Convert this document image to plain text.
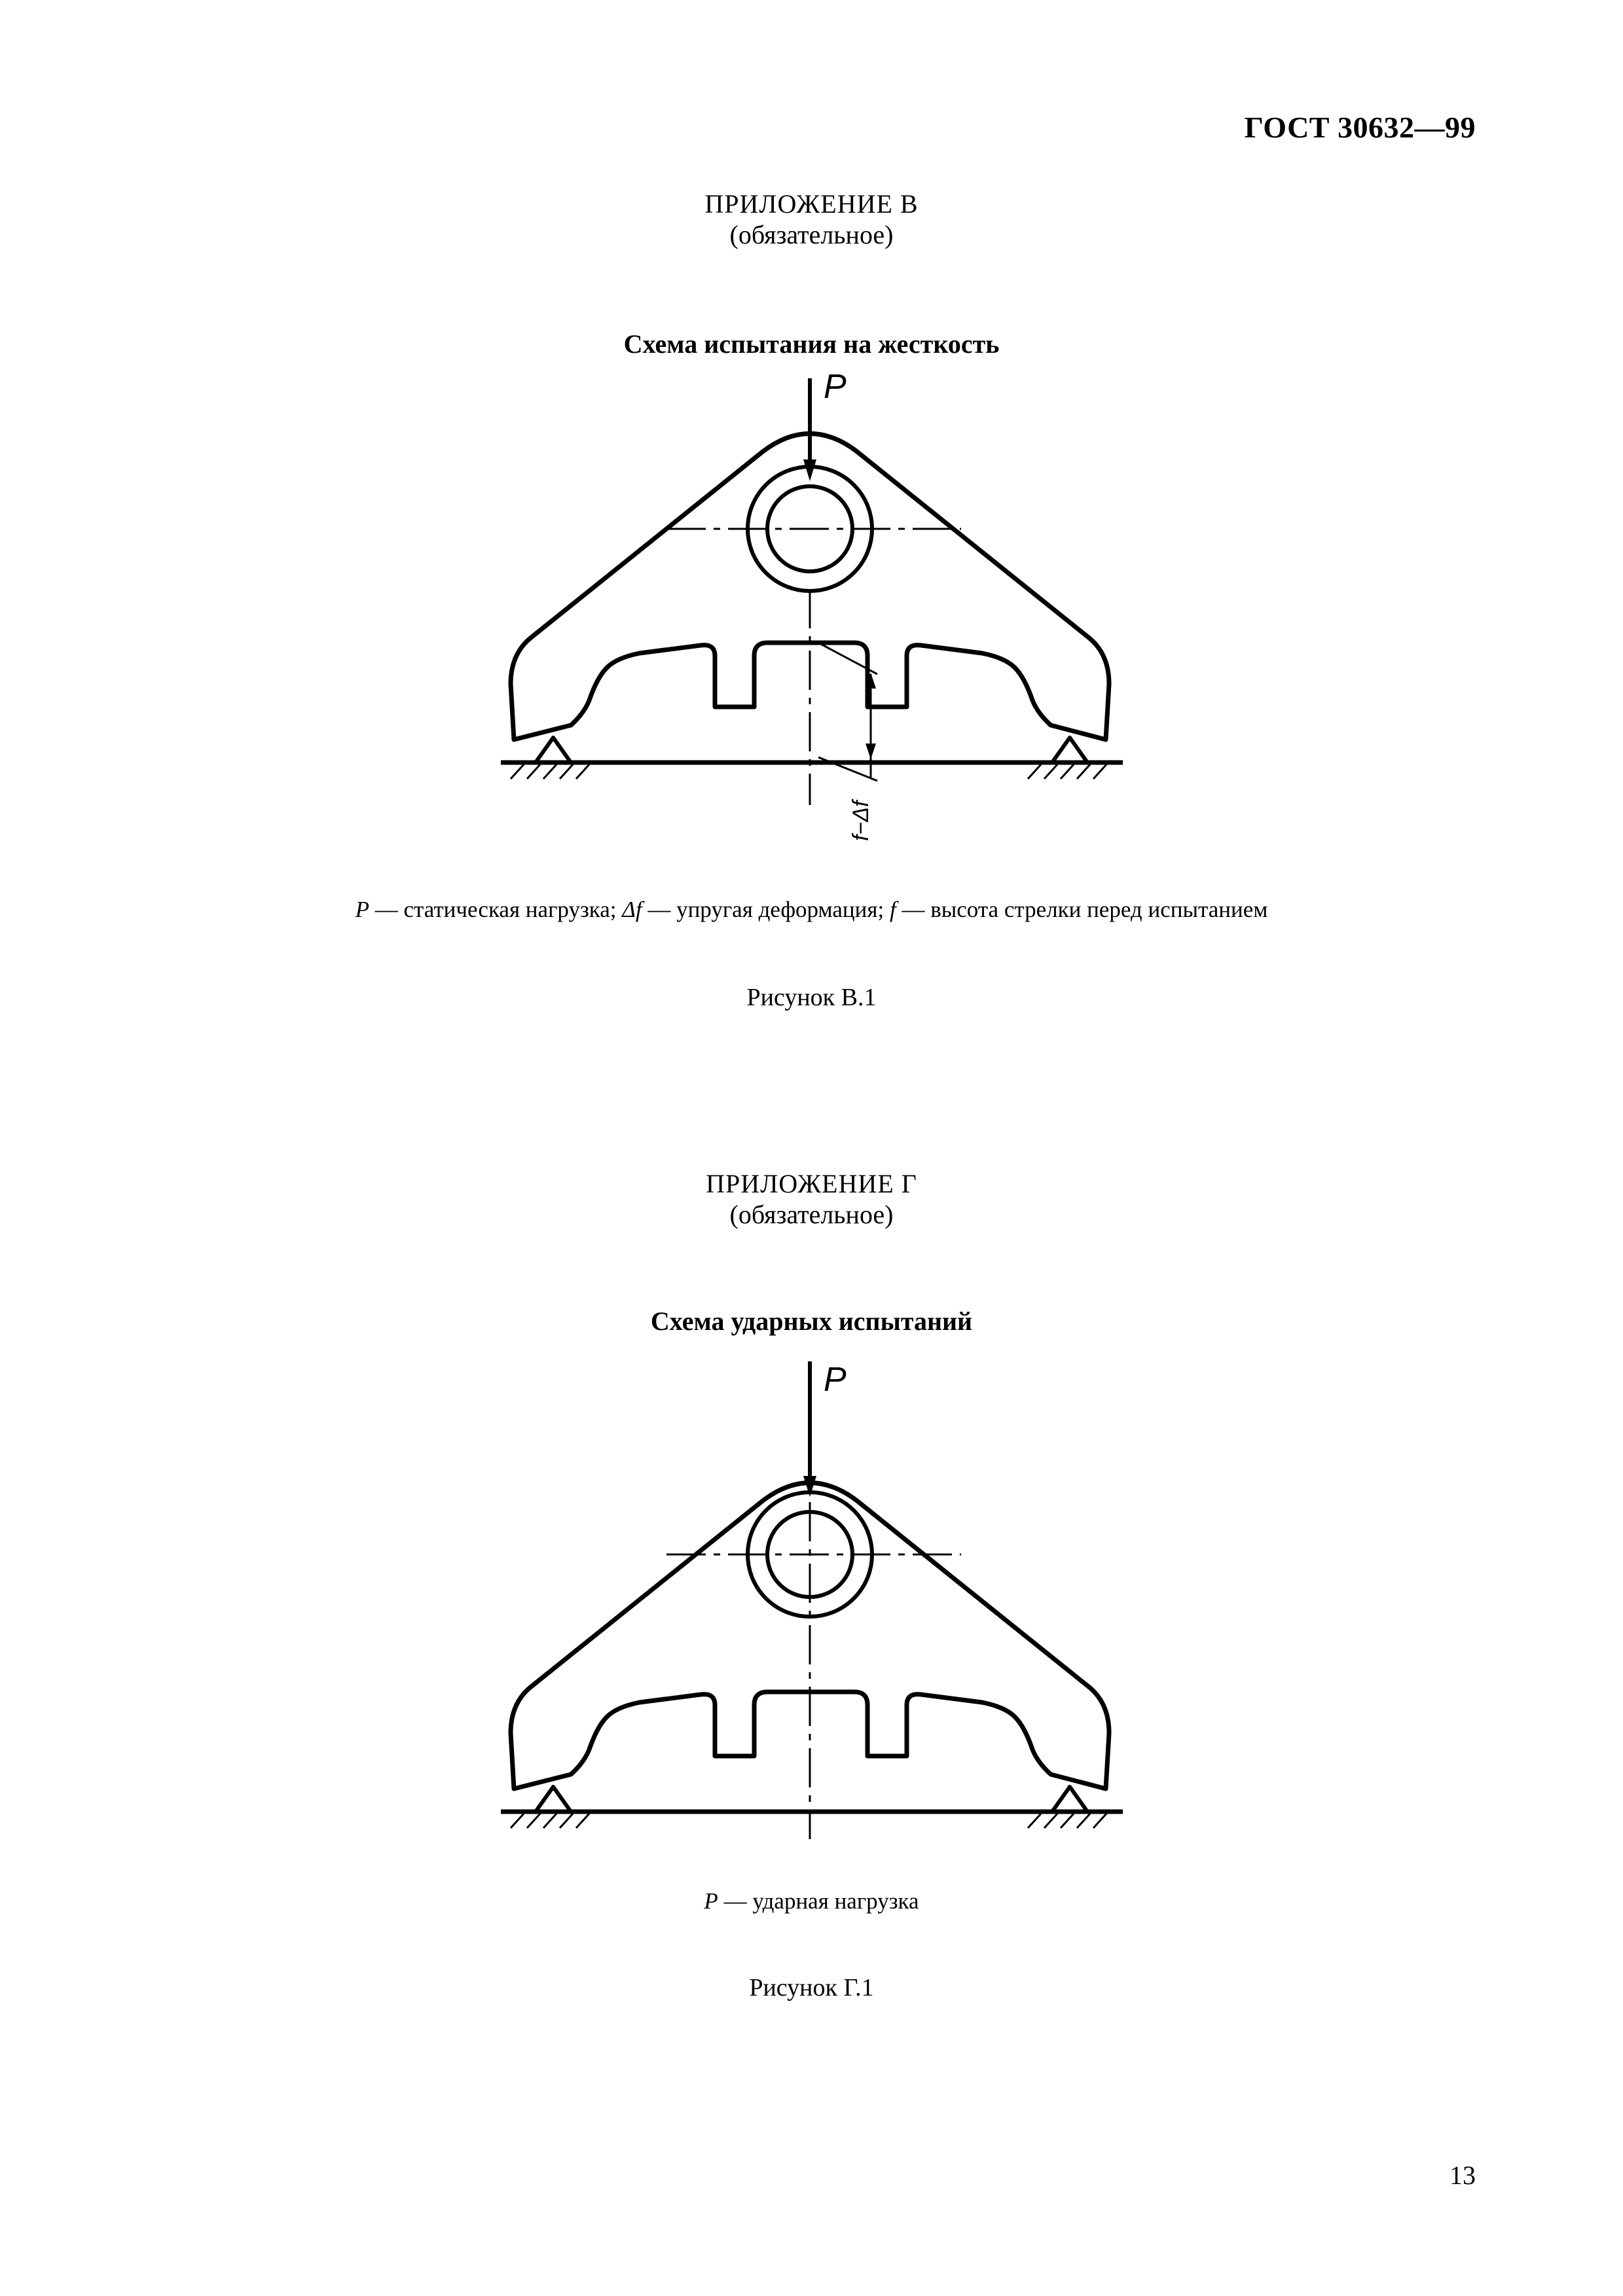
ГОСТ 30632—99
ПРИЛОЖЕНИЕ В
(обязательное)
Схема испытания на жесткость
P
f−Δf
P — статическая нагрузка; Δf — упругая деформация; f — высота стрелки перед испытанием
Рисунок В.1
ПРИЛОЖЕНИЕ Г
(обязательное)
Схема ударных испытаний
P
P — ударная нагрузка
Рисунок Г.1
13
